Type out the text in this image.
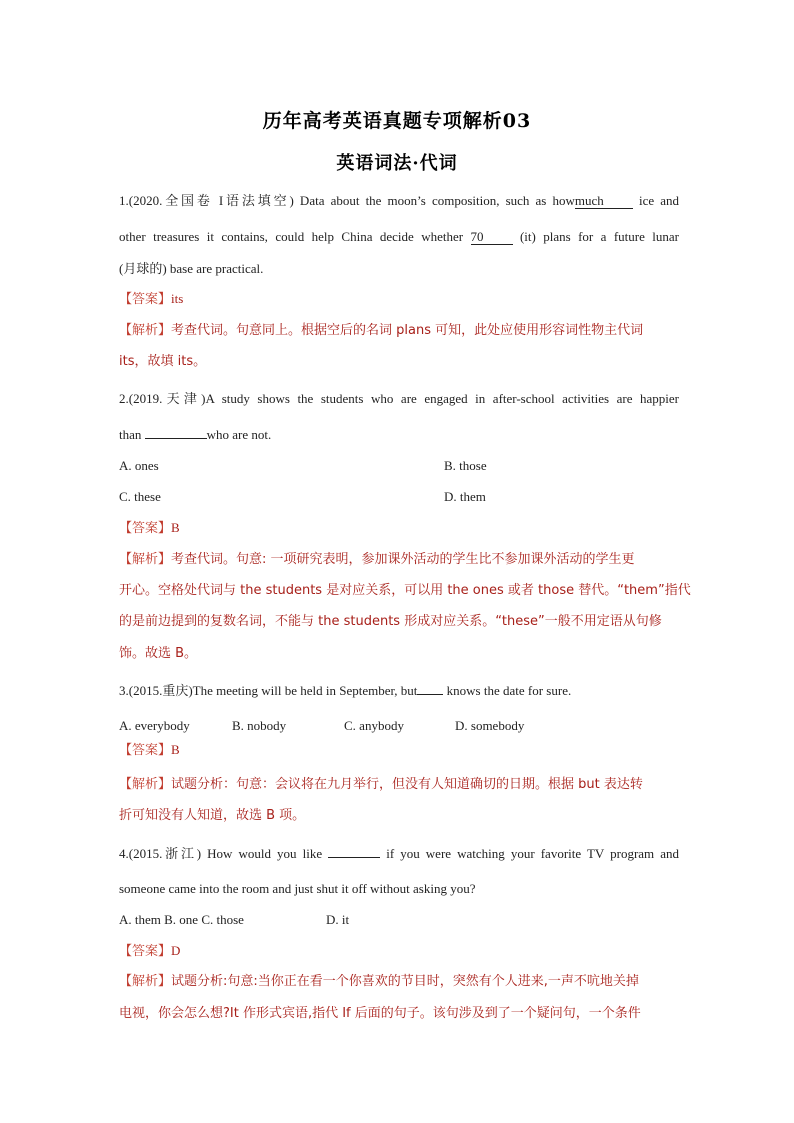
历年高考英语真题专项解析03
英语词法·代词
1.(2020.全国卷 I语法填空) Data about the moon’s composition, such as howmuch	ice and
other treasures it contains, could help China decide whether 70	(it) plans for a future lunar
(月球的) base are practical.
【答案】its
【解析】考查代词。句意同上。根据空后的名词 plans 可知，此处应使用形容词性物主代词
its，故填 its。
2.(2019.天津)A study shows the students who are engaged in after-school activities are happier
than	who are not.
A. ones	B. those
C. these	D. them
【答案】B
【解析】考查代词。句意: 一项研究表明，参加课外活动的学生比不参加课外活动的学生更
开心。空格处代词与 the students 是对应关系，可以用 the ones 或者 those 替代。“them”指代
的是前边提到的复数名词，不能与 the students 形成对应关系。“these”一般不用定语从句修
饰。故选 B。
3.(2015.重庆)The meeting will be held in September, but knows the date for sure.
A. everybody	B. nobody	C. anybody	D. somebody
【答案】B
【解析】试题分析：句意：会议将在九月举行，但没有人知道确切的日期。根据 but 表达转
折可知没有人知道，故选 B 项。
4.(2015.浙江) How would you like	if you were watching your favorite TV program and
someone came into the room and just shut it off without asking you?
A. them B. one C. those	D. it
【答案】D
【解析】试题分析:句意:当你正在看一个你喜欢的节目时，突然有个人进来,一声不吭地关掉
电视，你会怎么想?It 作形式宾语,指代 If 后面的句子。该句涉及到了一个疑问句，一个条件
